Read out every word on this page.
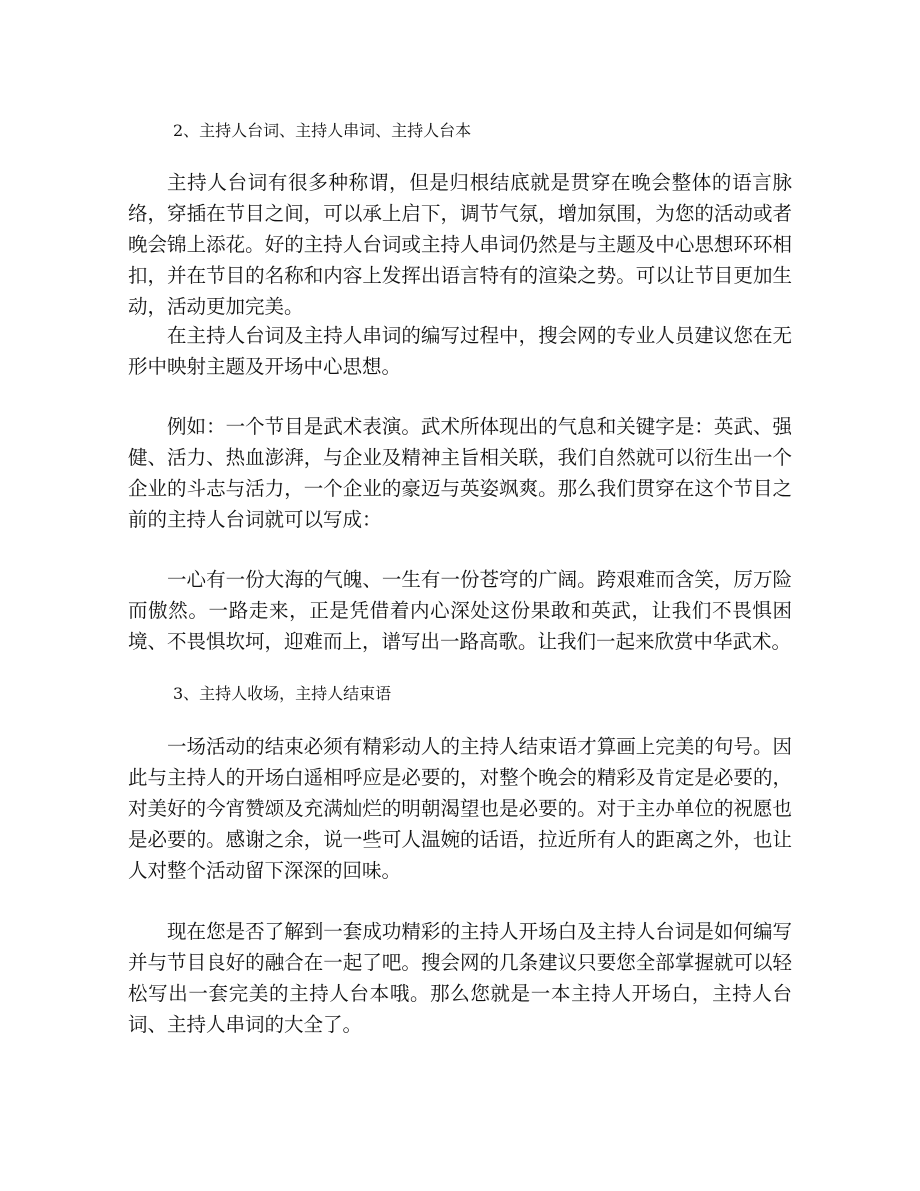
2、主持人台词、主持人串词、主持人台本

主持人台词有很多种称谓，但是归根结底就是贯穿在晚会整体的语言脉络，穿插在节目之间，可以承上启下，调节气氛，增加氛围，为您的活动或者晚会锦上添花。好的主持人台词或主持人串词仍然是与主题及中心思想环环相扣，并在节目的名称和内容上发挥出语言特有的渲染之势。可以让节目更加生动，活动更加完美。

在主持人台词及主持人串词的编写过程中，搜会网的专业人员建议您在无形中映射主题及开场中心思想。

例如：一个节目是武术表演。武术所体现出的气息和关键字是：英武、强健、活力、热血澎湃，与企业及精神主旨相关联，我们自然就可以衍生出一个企业的斗志与活力，一个企业的豪迈与英姿飒爽。那么我们贯穿在这个节目之前的主持人台词就可以写成：

一心有一份大海的气魄、一生有一份苍穹的广阔。跨艰难而含笑，厉万险而傲然。一路走来，正是凭借着内心深处这份果敢和英武，让我们不畏惧困境、不畏惧坎坷，迎难而上，谱写出一路高歌。让我们一起来欣赏中华武术。

3、主持人收场，主持人结束语

一场活动的结束必须有精彩动人的主持人结束语才算画上完美的句号。因此与主持人的开场白遥相呼应是必要的，对整个晚会的精彩及肯定是必要的，对美好的今宵赞颂及充满灿烂的明朝渴望也是必要的。对于主办单位的祝愿也是必要的。感谢之余，说一些可人温婉的话语，拉近所有人的距离之外，也让人对整个活动留下深深的回味。

现在您是否了解到一套成功精彩的主持人开场白及主持人台词是如何编写并与节目良好的融合在一起了吧。搜会网的几条建议只要您全部掌握就可以轻松写出一套完美的主持人台本哦。那么您就是一本主持人开场白，主持人台词、主持人串词的大全了。
